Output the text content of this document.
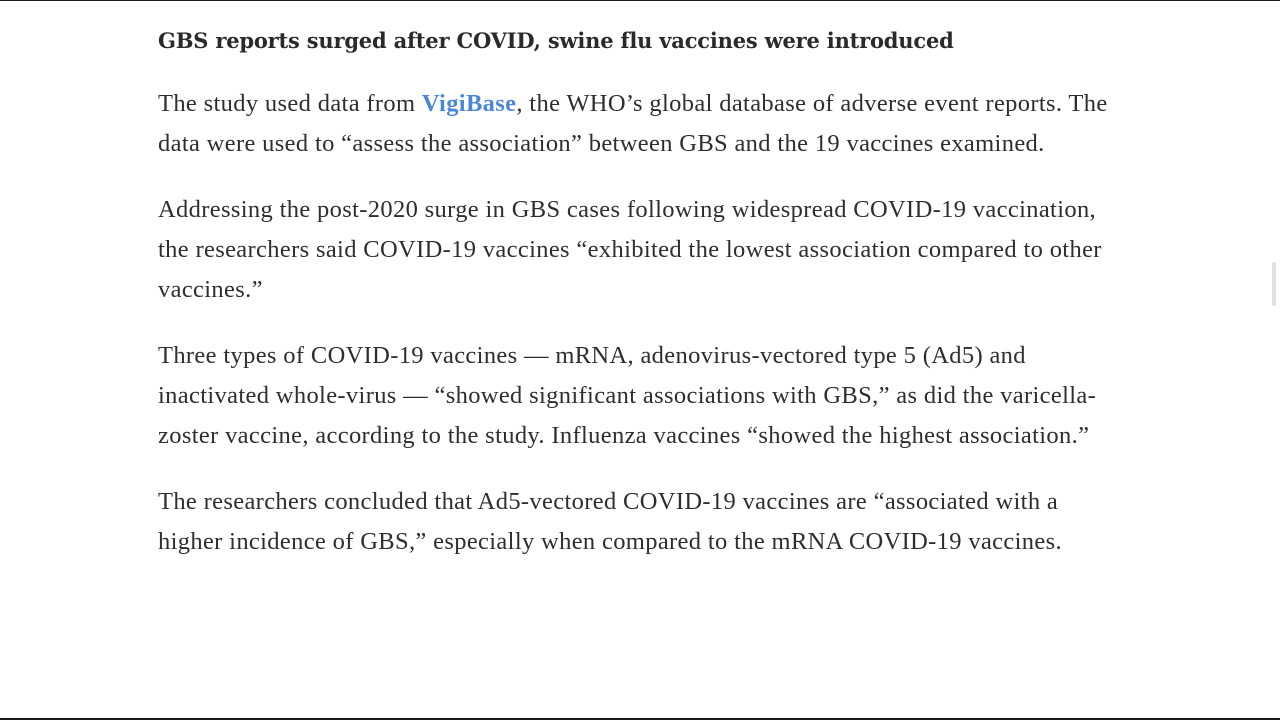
GBS reports surged after COVID, swine flu vaccines were introduced

The study used data from VigiBase, the WHO’s global database of adverse event reports. The data were used to “assess the association” between GBS and the 19 vaccines examined.

Addressing the post-2020 surge in GBS cases following widespread COVID-19 vaccination, the researchers said COVID-19 vaccines “exhibited the lowest association compared to other vaccines.”

Three types of COVID-19 vaccines — mRNA, adenovirus-vectored type 5 (Ad5) and inactivated whole-virus — “showed significant associations with GBS,” as did the varicella-zoster vaccine, according to the study. Influenza vaccines “showed the highest association.”

The researchers concluded that Ad5-vectored COVID-19 vaccines are “associated with a higher incidence of GBS,” especially when compared to the mRNA COVID-19 vaccines.
